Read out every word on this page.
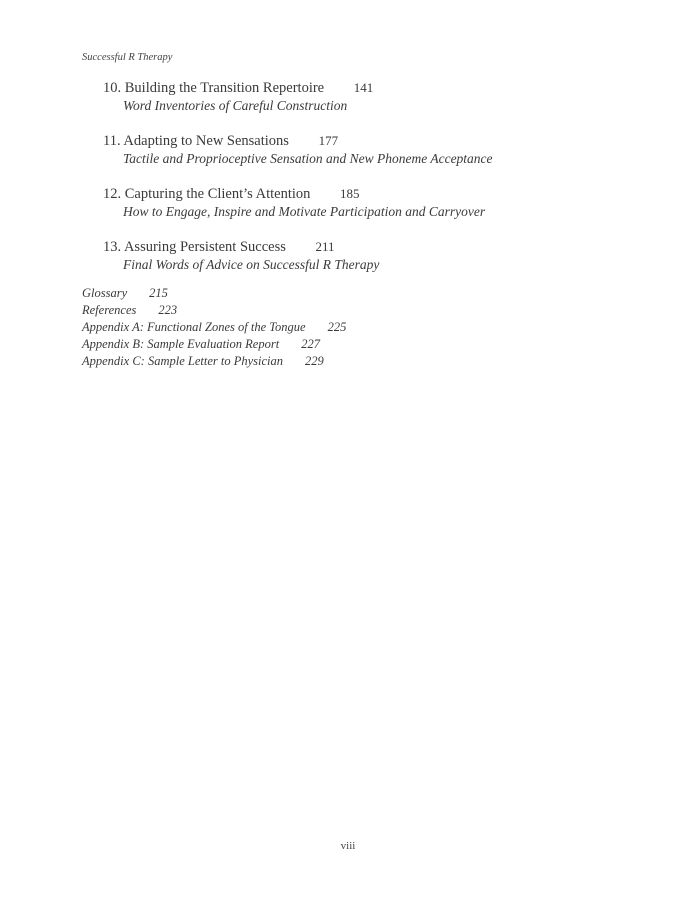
Successful R Therapy
10. Building the Transition Repertoire 141
Word Inventories of Careful Construction
11. Adapting to New Sensations 177
Tactile and Proprioceptive Sensation and New Phoneme Acceptance
12. Capturing the Client’s Attention 185
How to Engage, Inspire and Motivate Participation and Carryover
13. Assuring Persistent Success 211
Final Words of Advice on Successful R Therapy
Glossary 215
References 223
Appendix A: Functional Zones of the Tongue 225
Appendix B: Sample Evaluation Report 227
Appendix C: Sample Letter to Physician 229
viii
